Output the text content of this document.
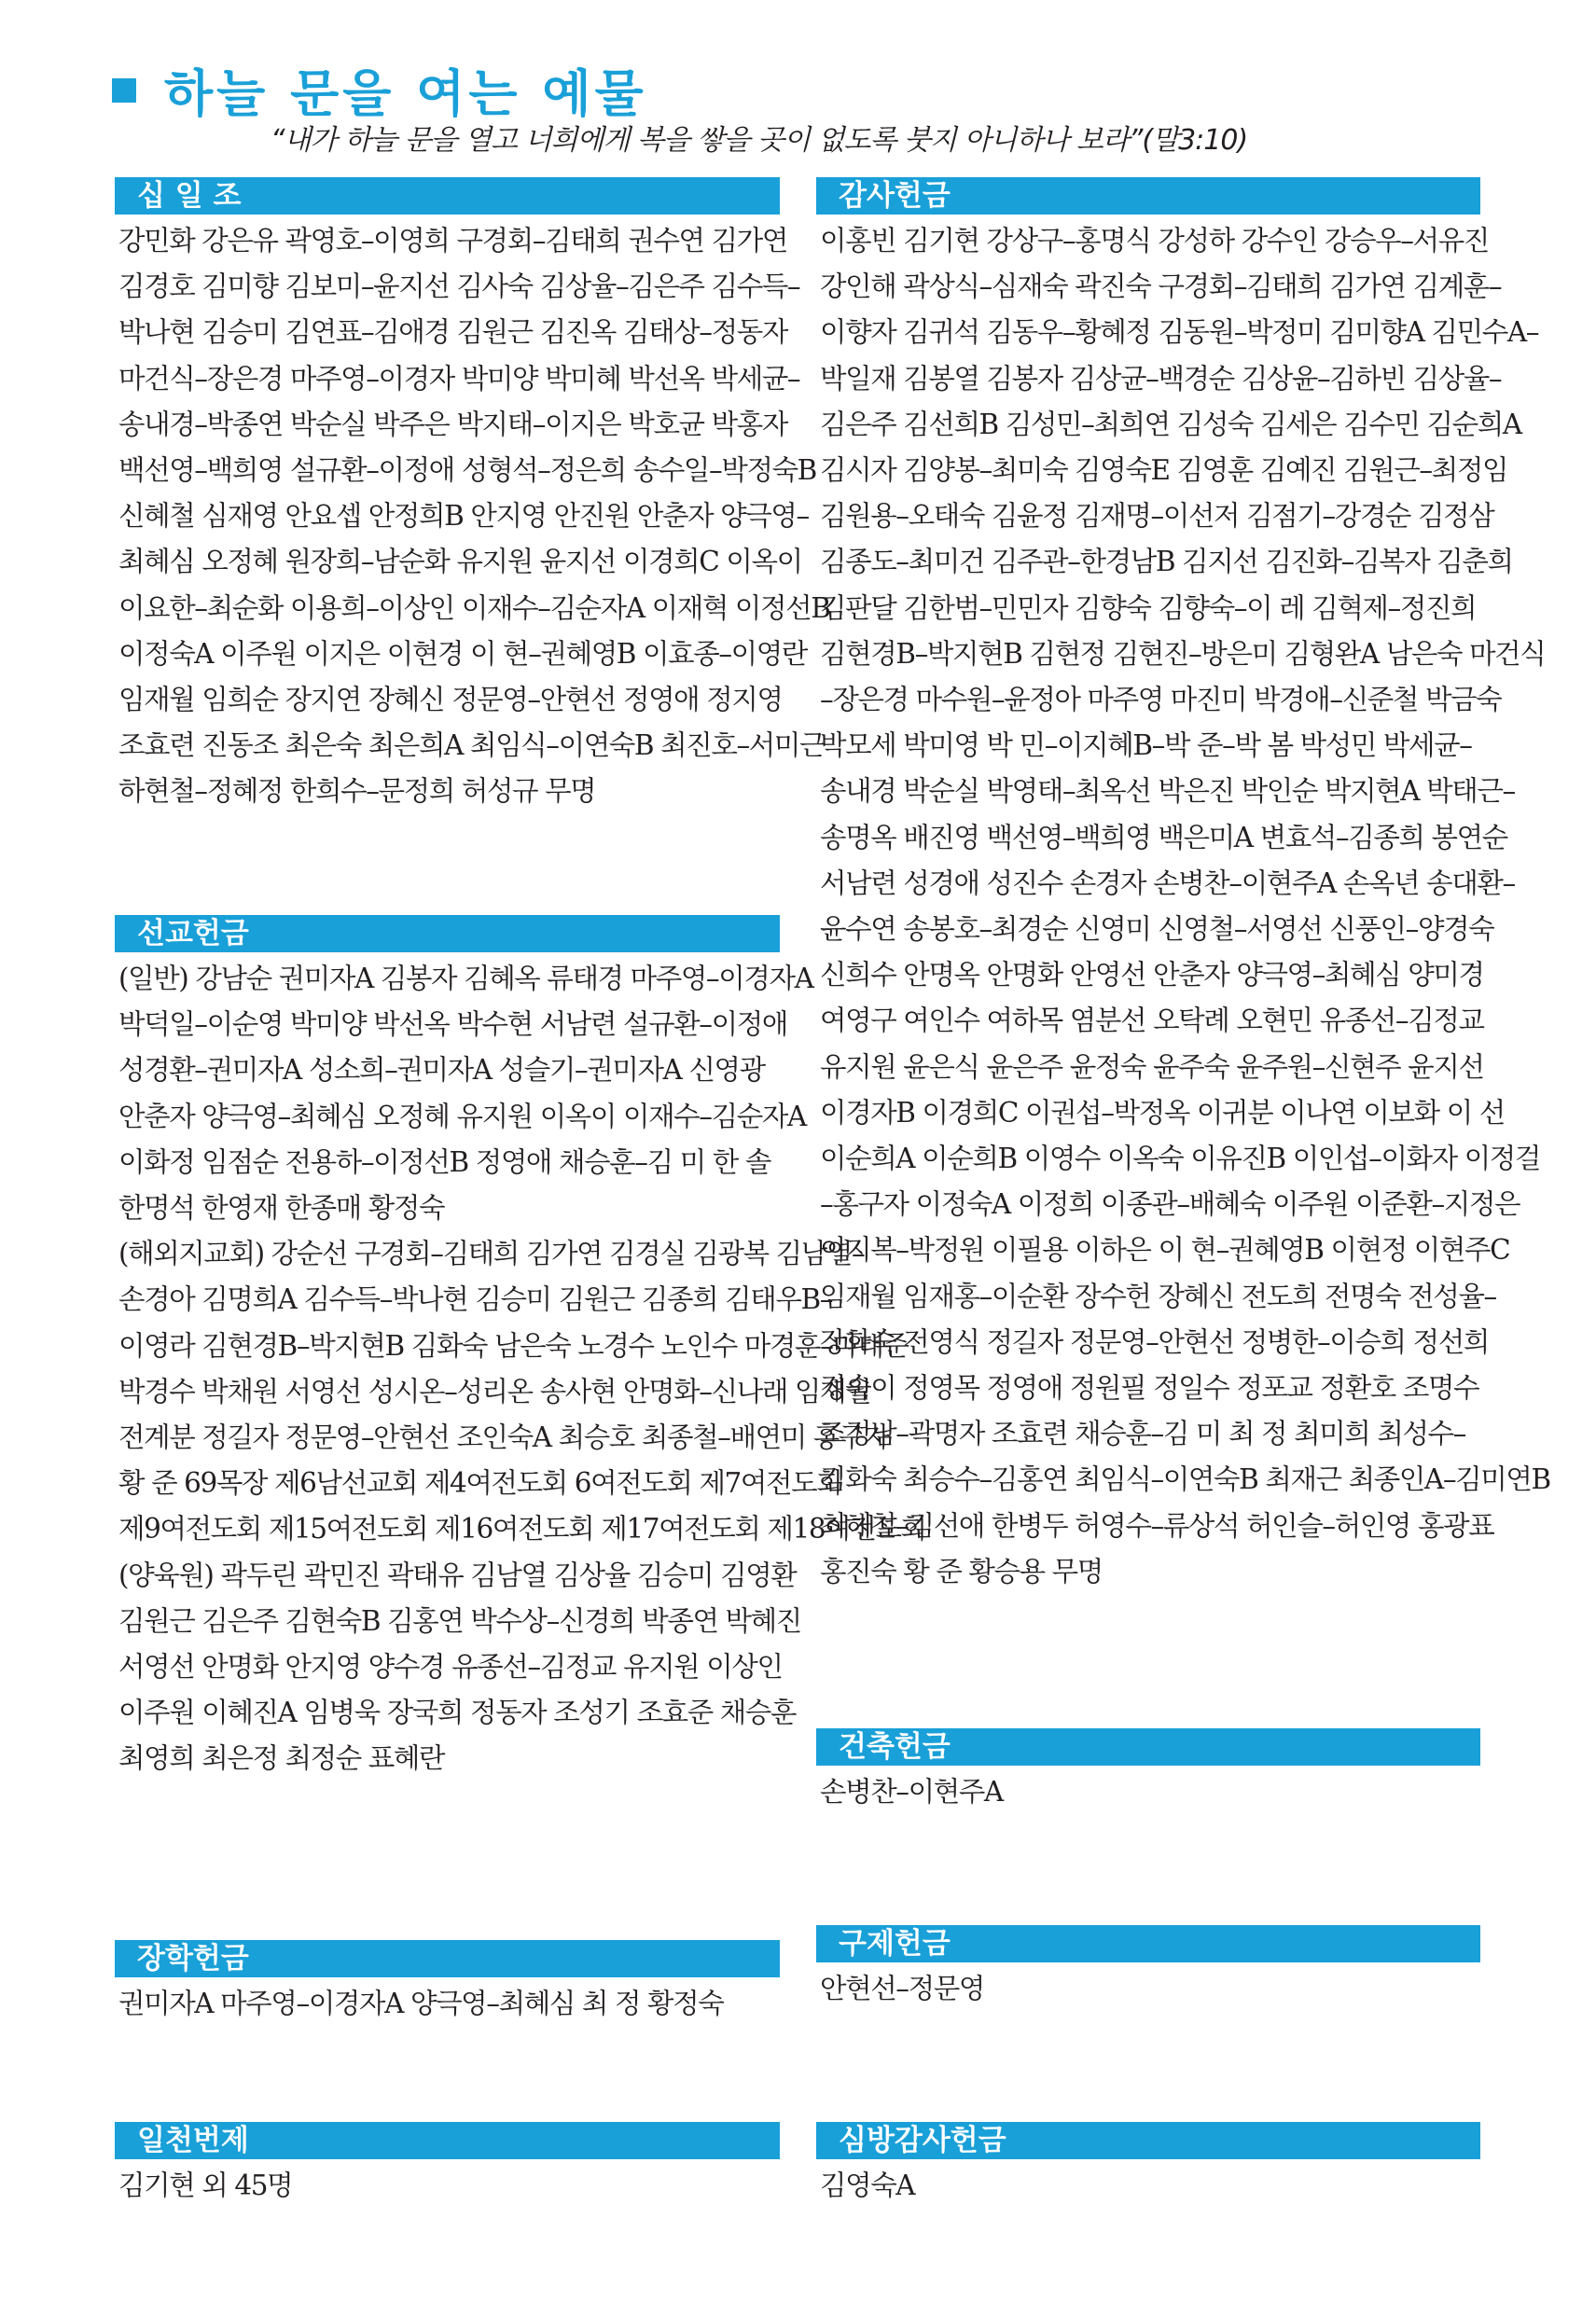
하늘 문을 여는 예물
“내가 하늘 문을 열고 너희에게 복을 쌓을 곳이 없도록 붓지 아니하나 보라”(말3:10)
십 일 조
강민화 강은유 곽영호–이영희 구경회–김태희 권수연 김가연
김경호 김미향 김보미–윤지선 김사숙 김상율–김은주 김수득–
박나현 김승미 김연표–김애경 김원근 김진옥 김태상–정동자
마건식–장은경 마주영–이경자 박미양 박미혜 박선옥 박세균–
송내경–박종연 박순실 박주은 박지태–이지은 박호균 박홍자
백선영–백희영 설규환–이정애 성형석–정은희 송수일–박정숙B
신혜철 심재영 안요셉 안정희B 안지영 안진원 안춘자 양극영–
최혜심 오정혜 원장희–남순화 유지원 윤지선 이경희C 이옥이
이요한–최순화 이용희–이상인 이재수–김순자A 이재혁 이정선B
이정숙A 이주원 이지은 이현경 이 현–권혜영B 이효종–이영란
임재월 임희순 장지연 장혜신 정문영–안현선 정영애 정지영
조효련 진동조 최은숙 최은희A 최임식–이연숙B 최진호–서미근
하현철–정혜정 한희수–문정희 허성규 무명
선교헌금
(일반) 강남순 권미자A 김봉자 김혜옥 류태경 마주영–이경자A
박덕일–이순영 박미양 박선옥 박수현 서남련 설규환–이정애
성경환–권미자A 성소희–권미자A 성슬기–권미자A 신영광
안춘자 양극영–최혜심 오정혜 유지원 이옥이 이재수–김순자A
이화정 임점순 전용하–이정선B 정영애 채승훈–김 미 한 솔
한명석 한영재 한종매 황정숙
(해외지교회) 강순선 구경회–김태희 김가연 김경실 김광복 김남열–
손경아 김명희A 김수득–박나현 김승미 김원근 김종희 김태우B–
이영라 김현경B–박지현B 김화숙 남은숙 노경수 노인수 마경훈–마태준
박경수 박채원 서영선 성시온–성리온 송사현 안명화–신나래 임재월
전계분 정길자 정문영–안현선 조인숙A 최승호 최종철–배연미 홍구자
황 준 69목장 제6남선교회 제4여전도회 6여전도회 제7여전도회
제9여전도회 제15여전도회 제16여전도회 제17여전도회 제18여전도회
(양육원) 곽두린 곽민진 곽태유 김남열 김상율 김승미 김영환
김원근 김은주 김현숙B 김홍연 박수상–신경희 박종연 박혜진
서영선 안명화 안지영 양수경 유종선–김정교 유지원 이상인
이주원 이혜진A 임병욱 장국희 정동자 조성기 조효준 채승훈
최영희 최은정 최정순 표혜란
장학헌금
권미자A 마주영–이경자A 양극영–최혜심 최 정 황정숙
일천번제
김기현 외 45명
감사헌금
이홍빈 김기현 강상구–홍명식 강성하 강수인 강승우–서유진
강인해 곽상식–심재숙 곽진숙 구경회–김태희 김가연 김계훈–
이향자 김귀석 김동우–황혜정 김동원–박정미 김미향A 김민수A–
박일재 김봉열 김봉자 김상균–백경순 김상윤–김하빈 김상율–
김은주 김선희B 김성민–최희연 김성숙 김세은 김수민 김순희A
김시자 김양봉–최미숙 김영숙E 김영훈 김예진 김원근–최정임
김원용–오태숙 김윤정 김재명–이선저 김점기–강경순 김정삼
김종도–최미건 김주관–한경남B 김지선 김진화–김복자 김춘희
김판달 김한범–민민자 김향숙 김향숙–이 레 김혁제–정진희
김현경B–박지현B 김현정 김현진–방은미 김형완A 남은숙 마건식
–장은경 마수원–윤정아 마주영 마진미 박경애–신준철 박금숙
박모세 박미영 박 민–이지혜B–박 준–박 봄 박성민 박세균–
송내경 박순실 박영태–최옥선 박은진 박인순 박지현A 박태근–
송명옥 배진영 백선영–백희영 백은미A 변효석–김종희 봉연순
서남련 성경애 성진수 손경자 손병찬–이현주A 손옥년 송대환–
윤수연 송봉호–최경순 신영미 신영철–서영선 신풍인–양경숙
신희수 안명옥 안명화 안영선 안춘자 양극영–최혜심 양미경
여영구 여인수 여하목 염분선 오탁례 오현민 유종선–김정교
유지원 윤은식 윤은주 윤정숙 윤주숙 윤주원–신현주 윤지선
이경자B 이경희C 이권섭–박정옥 이귀분 이나연 이보화 이 선
이순희A 이순희B 이영수 이옥숙 이유진B 이인섭–이화자 이정걸
–홍구자 이정숙A 이정희 이종관–배혜숙 이주원 이준환–지정은
이지복–박정원 이필용 이하은 이 현–권혜영B 이현정 이현주C
임재월 임재홍–이순환 장수헌 장혜신 전도희 전명숙 전성율–
장화숙 전영식 정길자 정문영–안현선 정병한–이승희 정선희
정숙이 정영목 정영애 정원필 정일수 정포교 정환호 조명수
조정남–곽명자 조효련 채승훈–김 미 최 정 최미희 최성수–
김화숙 최승수–김홍연 최임식–이연숙B 최재근 최종인A–김미연B
최해철–김선애 한병두 허영수–류상석 허인슬–허인영 홍광표
홍진숙 황 준 황승용 무명
건축헌금
손병찬–이현주A
구제헌금
안현선–정문영
심방감사헌금
김영숙A
